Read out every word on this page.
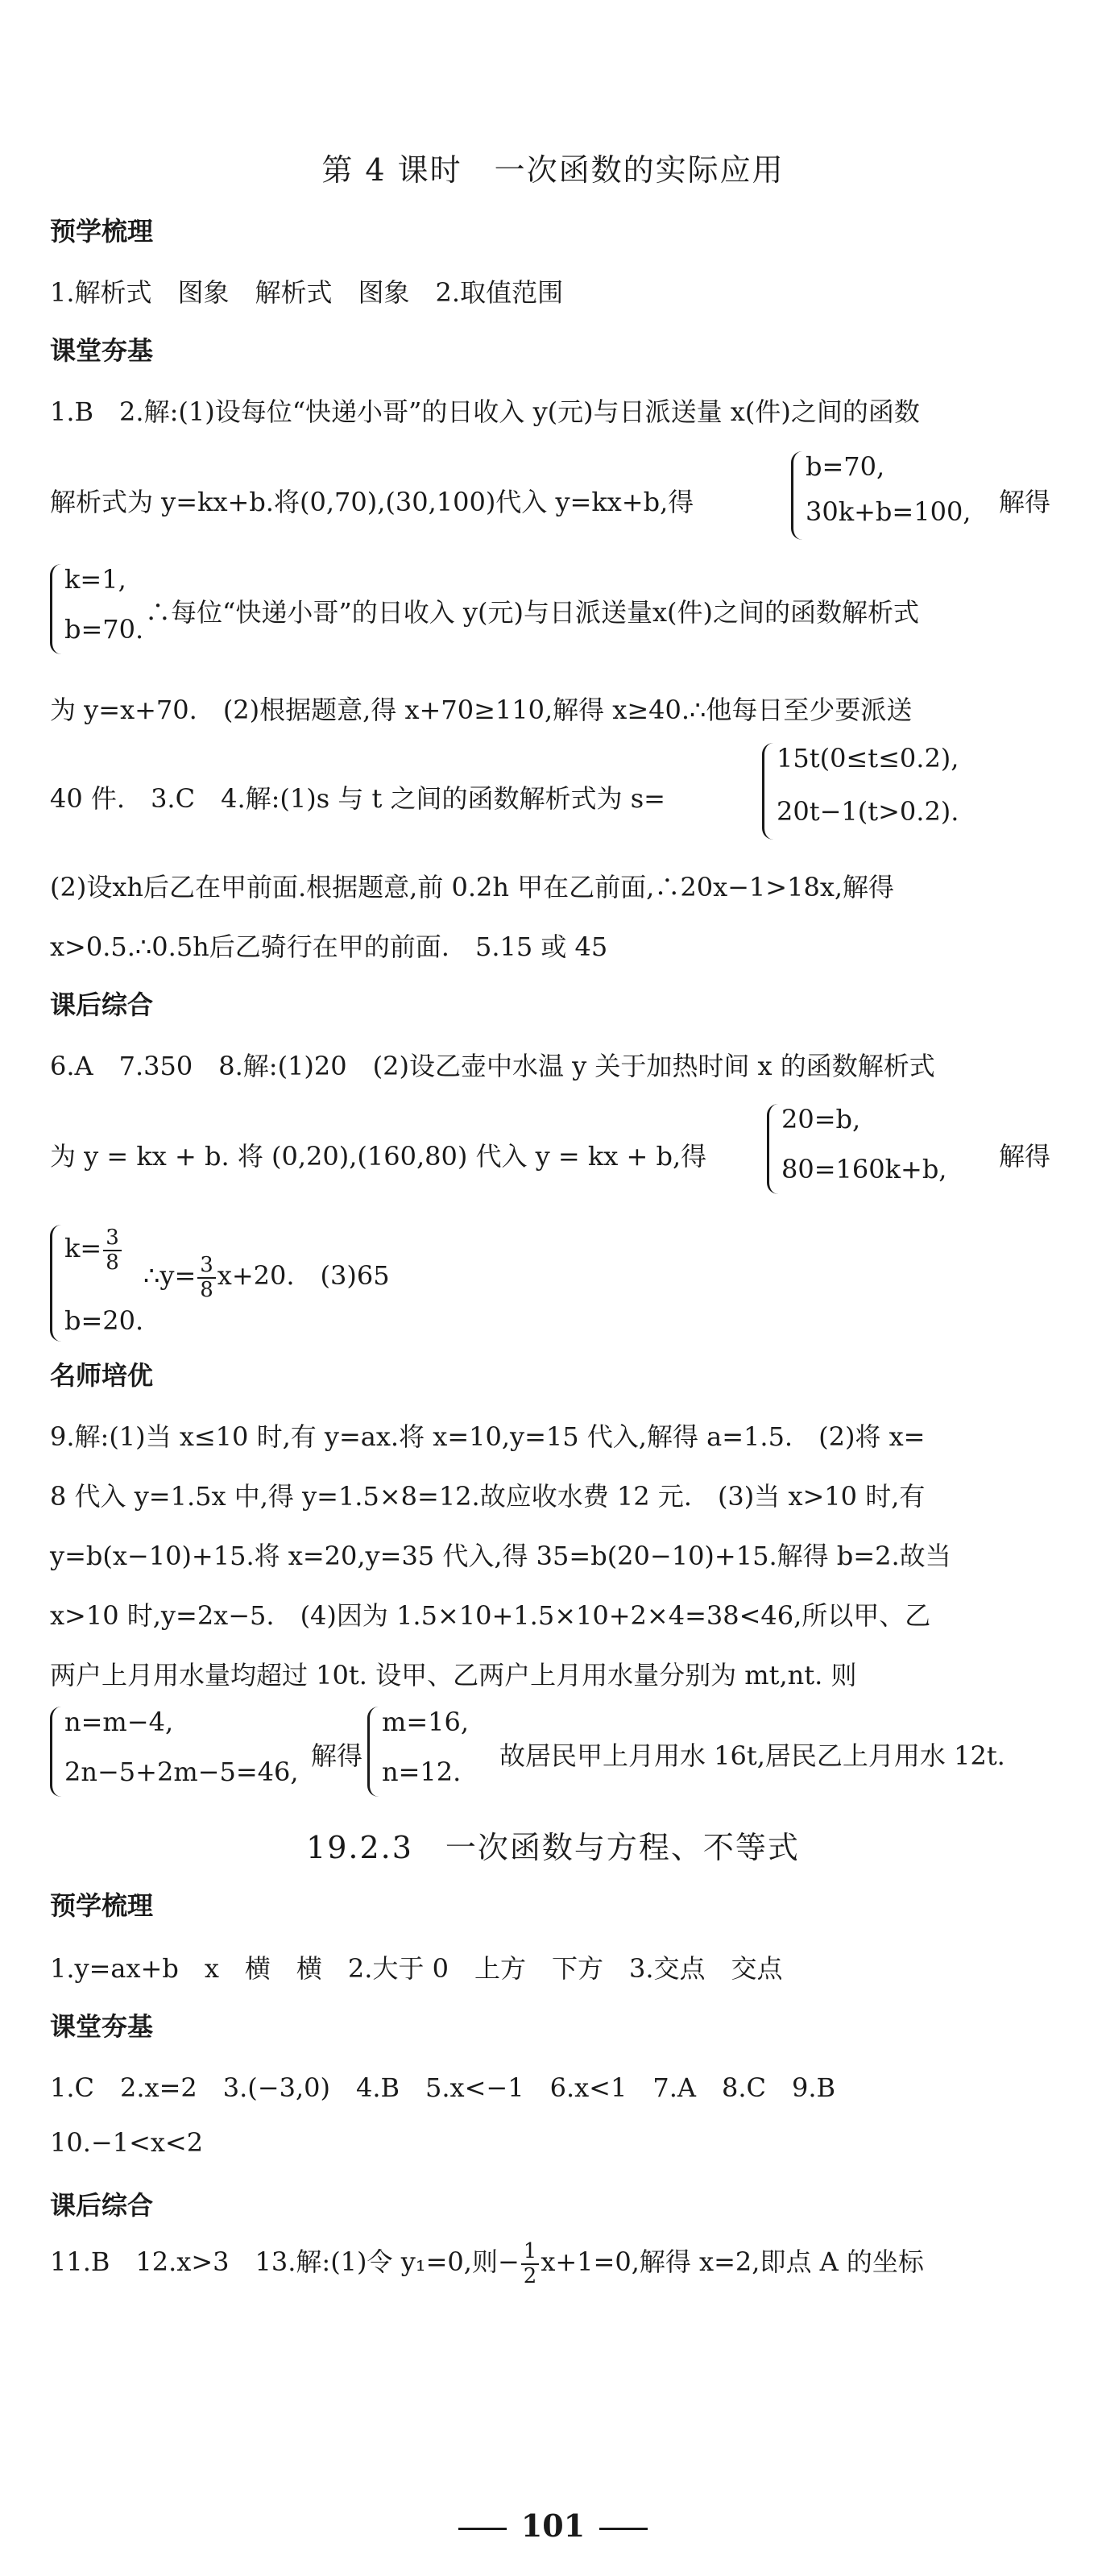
第 4 课时　一次函数的实际应用
预学梳理
1.解析式　图象　解析式　图象　2.取值范围
课堂夯基
1.B　2.解:(1)设每位“快递小哥”的日收入 y(元)与日派送量 x(件)之间的函数
解析式为 y=kx+b.将(0,70),(30,100)代入 y=kx+b,得
b=70,
30k+b=100, 解得
k=1,
b=70.
∴每位“快递小哥”的日收入 y(元)与日派送量x(件)之间的函数解析式
为 y=x+70.　(2)根据题意,得 x+70≥110,解得 x≥40.∴他每日至少要派送
40 件.　3.C　4.解:(1)s 与 t 之间的函数解析式为 s=
15t(0≤t≤0.2),
20t−1(t>0.2).
(2)设xh后乙在甲前面.根据题意,前 0.2h 甲在乙前面,∴20x−1>18x,解得
x>0.5.∴0.5h后乙骑行在甲的前面.　5.15 或 45
课后综合
6.A　7.350　8.解:(1)20　(2)设乙壶中水温 y 关于加热时间 x 的函数解析式
为 y = kx + b. 将 (0,20),(160,80) 代入 y = kx + b,得
20=b,
80=160k+b, 解得
$k= \frac{3}{8}$
b=20.
∴y= $\frac{3}{8} x+20$.　(3)65
名师培优
9.解:(1)当 x≤10 时,有 y=ax.将 x=10,y=15 代入,解得 a=1.5.　(2)将 x=
8 代入 y=1.5x 中,得 y=1.5×8=12.故应收水费 12 元.　(3)当 x>10 时,有
y=b(x−10)+15.将 x=20,y=35 代入,得 35=b(20−10)+15.解得 b=2.故当
x>10 时,y=2x−5.　(4)因为 1.5×10+1.5×10+2×4=38<46,所以甲、乙
两户上月用水量均超过 10t. 设甲、乙两户上月用水量分别为 mt,nt. 则
n=m−4,
2n−5+2m−5=46,
解得
m=16,
n=12.
故居民甲上月用水 16t,居民乙上月用水 12t.
19.2.3　一次函数与方程、不等式
预学梳理
1.y=ax+b　x　横　横　2.大于 0　上方　下方　3.交点　交点
课堂夯基
1.C　2.x=2　3.(−3,0)　4.B　5.x<−1　6.x<1　7.A　8.C　9.B
10.−1<x<2
课后综合
11.B　12.x>3　13.解:(1)令 y₁=0,则− $\frac{1}{2} x+1=0$,解得 x=2,即点 A 的坐标
101
